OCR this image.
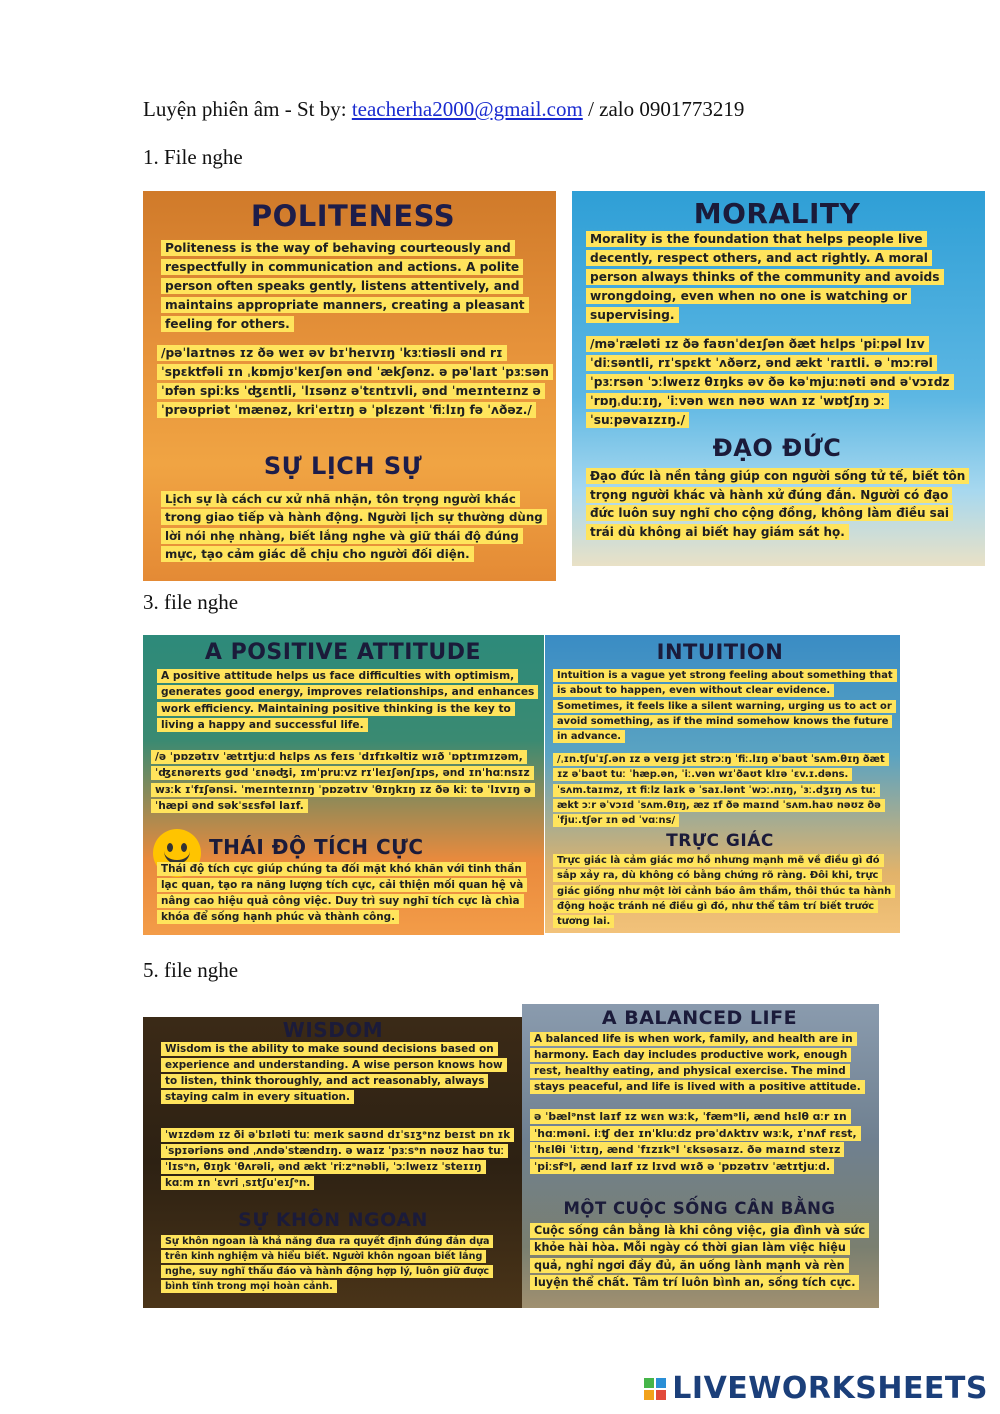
Luyện phiên âm - St by: teacherha2000@gmail.com / zalo 0901773219
1. File nghe
3. file nghe
5. file nghe
POLITENESS
Politeness is the way of behaving courteously and respectfully in communication and actions. A polite person often speaks gently, listens attentively, and maintains appropriate manners, creating a pleasant feeling for others.
/pəˈlaɪtnəs ɪz ðə weɪ əv bɪˈheɪvɪŋ ˈkɜːtiəsli ənd rɪˈspɛktfəli ɪn ˌkɒmjʊˈkeɪʃən ənd ˈækʃənz. ə pəˈlaɪt ˈpɜːsən ˈɒfən spiːks ˈʤɛntli, ˈlɪsənz əˈtɛntɪvli, ənd ˈmeɪnteɪnz əˈprəʊpriət ˈmænəz, kriˈeɪtɪŋ ə ˈplɛzənt ˈfiːlɪŋ fə ˈʌðəz./
SỰ LỊCH SỰ
Lịch sự là cách cư xử nhã nhặn, tôn trọng người khác trong giao tiếp và hành động. Người lịch sự thường dùng lời nói nhẹ nhàng, biết lắng nghe và giữ thái độ đúng mực, tạo cảm giác dễ chịu cho người đối diện.
MORALITY
Morality is the foundation that helps people live decently, respect others, and act rightly. A moral person always thinks of the community and avoids wrongdoing, even when no one is watching or supervising.
/məˈræləti ɪz ðə faʊnˈdeɪʃən ðæt hɛlps ˈpiːpəl lɪv ˈdiːsəntli, rɪˈspɛkt ˈʌðərz, ənd ækt ˈraɪtli. ə ˈmɔːrəl ˈpɜːrsən ˈɔːlweɪz θɪŋks əv ðə kəˈmjuːnəti ənd əˈvɔɪdz ˈrɒŋˌduːɪŋ, ˈiːvən wɛn nəʊ wʌn ɪz ˈwɒtʃɪŋ ɔː ˈsuːpəvaɪzɪŋ./
ĐẠO ĐỨC
Đạo đức là nền tảng giúp con người sống tử tế, biết tôn trọng người khác và hành xử đúng đắn. Người có đạo đức luôn suy nghĩ cho cộng đồng, không làm điều sai trái dù không ai biết hay giám sát họ.
A POSITIVE ATTITUDE
A positive attitude helps us face difficulties with optimism, generates good energy, improves relationships, and enhances work efficiency. Maintaining positive thinking is the key to living a happy and successful life.
/ə ˈpɒzətɪv ˈætɪtjuːd hɛlps ʌs feɪs ˈdɪfɪkəltiz wɪð ˈɒptɪmɪzəm, ˈʤɛnəreɪts gʊd ˈɛnəʤi, ɪmˈpruːvz rɪˈleɪʃənʃɪps, ənd ɪnˈhɑːnsɪz wɜːk ɪˈfɪʃənsi. ˈmeɪnteɪnɪŋ ˈpɒzətɪv ˈθɪŋkɪŋ ɪz ðə kiː tə ˈlɪvɪŋ ə ˈhæpi ənd səkˈsɛsfəl laɪf.
THÁI ĐỘ TÍCH CỰC
Thái độ tích cực giúp chúng ta đối mặt khó khăn với tinh thần lạc quan, tạo ra năng lượng tích cực, cải thiện mối quan hệ và nâng cao hiệu quả công việc. Duy trì suy nghĩ tích cực là chìa khóa để sống hạnh phúc và thành công.
INTUITION
Intuition is a vague yet strong feeling about something that is about to happen, even without clear evidence. Sometimes, it feels like a silent warning, urging us to act or avoid something, as if the mind somehow knows the future in advance.
/ˌɪn.tʃuˈɪʃ.ən ɪz ə veɪg jɛt strɔːŋ ˈfiː.lɪŋ əˈbaʊt ˈsʌm.θɪŋ ðæt ɪz əˈbaʊt tuː ˈhæp.ən, ˈiː.vən wɪˈðaʊt klɪə ˈɛv.ɪ.dəns. ˈsʌm.taɪmz, ɪt fiːlz laɪk ə ˈsaɪ.lənt ˈwɔː.nɪŋ, ˈɜː.dʒɪŋ ʌs tuː ækt ɔːr əˈvɔɪd ˈsʌm.θɪŋ, æz ɪf ðə maɪnd ˈsʌm.haʊ nəʊz ðə ˈfjuː.tʃər ɪn əd ˈvɑːns/
TRỰC GIÁC
Trực giác là cảm giác mơ hồ nhưng mạnh mẽ về điều gì đó sắp xảy ra, dù không có bằng chứng rõ ràng. Đôi khi, trực giác giống như một lời cảnh báo âm thầm, thôi thúc ta hành động hoặc tránh né điều gì đó, như thể tâm trí biết trước tương lai.
WISDOM
Wisdom is the ability to make sound decisions based on experience and understanding. A wise person knows how to listen, think thoroughly, and act reasonably, always staying calm in every situation.
ˈwɪzdəm ɪz ði əˈbɪləti tuː meɪk saʊnd dɪˈsɪʒᵊnz beɪst ɒn ɪkˈspɪəriəns ənd ˌʌndəˈstændɪŋ. ə waɪz ˈpɜːsᵊn nəʊz haʊ tuː ˈlɪsᵊn, θɪŋk ˈθʌrəli, ənd ækt ˈriːzᵊnəbli, ˈɔːlweɪz ˈsteɪɪŋ kɑːm ɪn ˈɛvri ˌsɪtʃuˈeɪʃᵊn.
SỰ KHÔN NGOAN
Sự khôn ngoan là khả năng đưa ra quyết định đúng đắn dựa trên kinh nghiệm và hiểu biết. Người khôn ngoan biết lắng nghe, suy nghĩ thấu đáo và hành động hợp lý, luôn giữ được bình tĩnh trong mọi hoàn cảnh.
A BALANCED LIFE
A balanced life is when work, family, and health are in harmony. Each day includes productive work, enough rest, healthy eating, and physical exercise. The mind stays peaceful, and life is lived with a positive attitude.
ə ˈbælᵊnst laɪf ɪz wɛn wɜːk, ˈfæmᵊli, ænd hɛlθ ɑːr ɪn ˈhɑːməni. iːʧ deɪ ɪnˈkluːdz prəˈdʌktɪv wɜːk, ɪˈnʌf rɛst, ˈhɛlθi ˈiːtɪŋ, ænd ˈfɪzɪkᵊl ˈɛksəsaɪz. ðə maɪnd steɪz ˈpiːsfᵊl, ænd laɪf ɪz lɪvd wɪð ə ˈpɒzətɪv ˈætɪtjuːd.
MỘT CUỘC SỐNG CÂN BẰNG
Cuộc sống cân bằng là khi công việc, gia đình và sức khỏe hài hòa. Mỗi ngày có thời gian làm việc hiệu quả, nghỉ ngơi đầy đủ, ăn uống lành mạnh và rèn luyện thể chất. Tâm trí luôn bình an, sống tích cực.
LIVEWORKSHEETS
